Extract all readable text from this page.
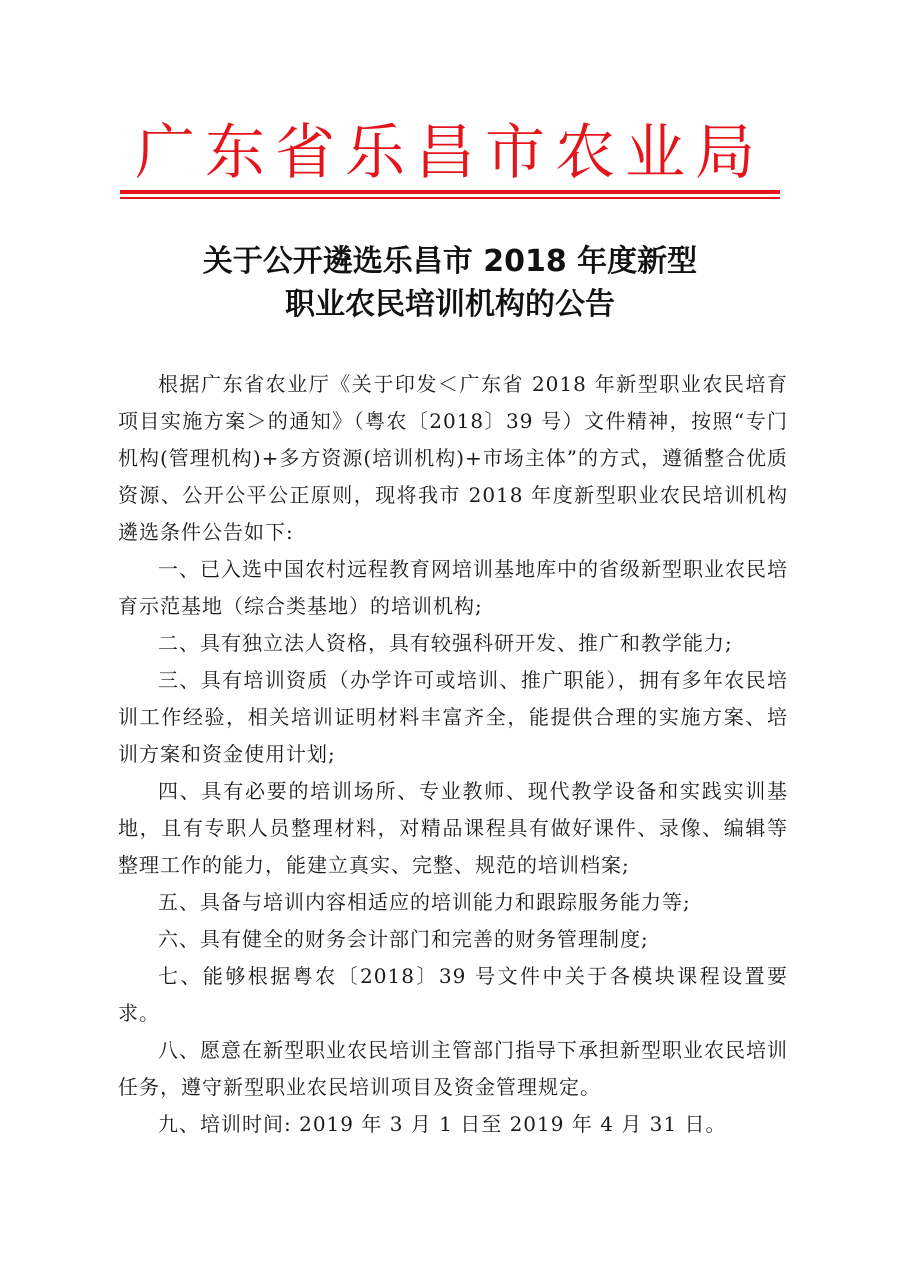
广东省乐昌市农业局
关于公开遴选乐昌市 2018 年度新型
职业农民培训机构的公告

根据广东省农业厅《关于印发＜广东省 2018 年新型职业农民培育项目实施方案＞的通知》（粤农〔2018〕39 号）文件精神，按照“专门机构(管理机构)+多方资源(培训机构)+市场主体”的方式，遵循整合优质资源、公开公平公正原则，现将我市 2018 年度新型职业农民培训机构遴选条件公告如下:

一、已入选中国农村远程教育网培训基地库中的省级新型职业农民培育示范基地（综合类基地）的培训机构;

二、具有独立法人资格，具有较强科研开发、推广和教学能力;

三、具有培训资质（办学许可或培训、推广职能），拥有多年农民培训工作经验，相关培训证明材料丰富齐全，能提供合理的实施方案、培训方案和资金使用计划;

四、具有必要的培训场所、专业教师、现代教学设备和实践实训基地，且有专职人员整理材料，对精品课程具有做好课件、录像、编辑等整理工作的能力，能建立真实、完整、规范的培训档案;

五、具备与培训内容相适应的培训能力和跟踪服务能力等;

六、具有健全的财务会计部门和完善的财务管理制度;

七、能够根据粤农〔2018〕39 号文件中关于各模块课程设置要求。

八、愿意在新型职业农民培训主管部门指导下承担新型职业农民培训任务，遵守新型职业农民培训项目及资金管理规定。

九、培训时间: 2019 年 3 月 1 日至 2019 年 4 月 31 日。
